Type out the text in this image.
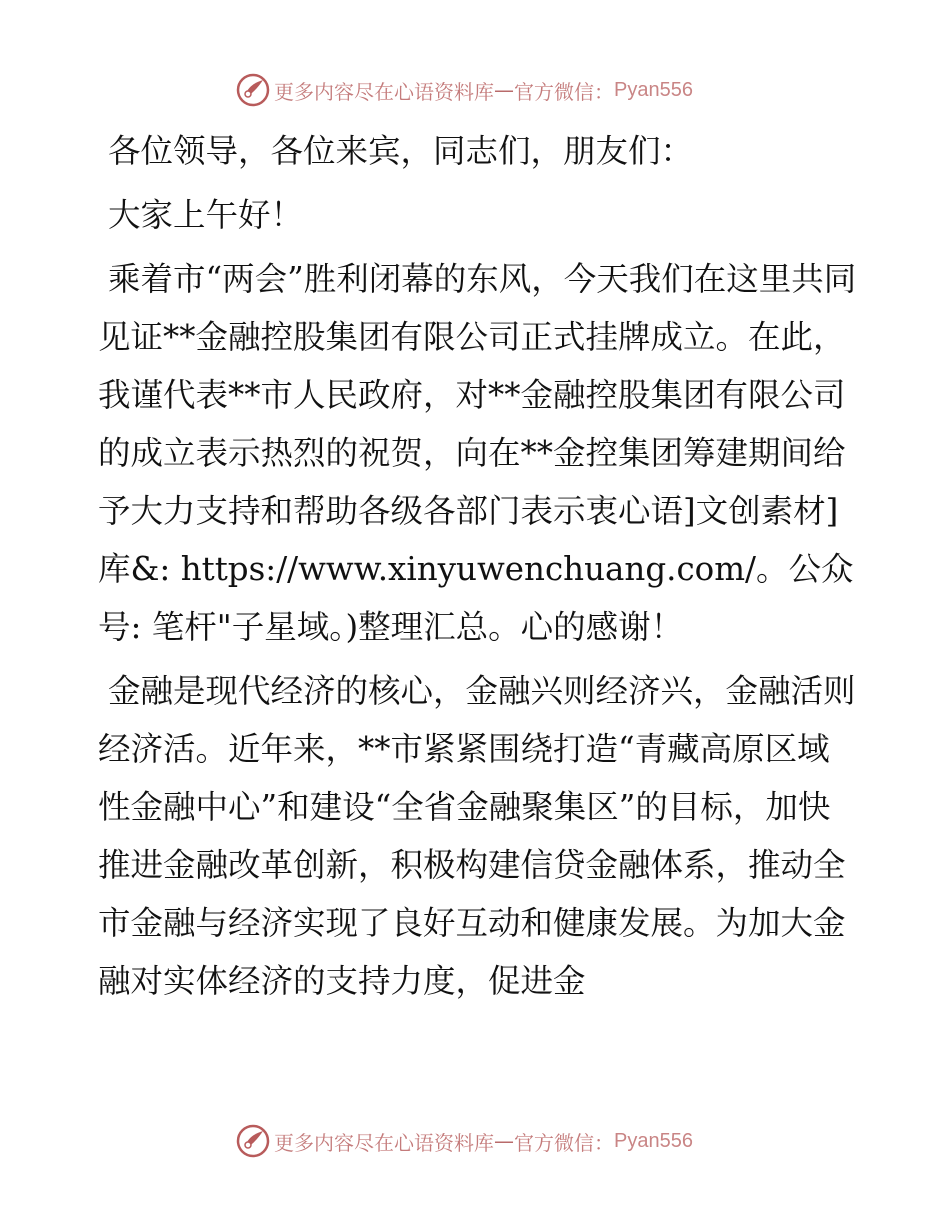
更多内容尽在心语资料库 — 官方微信： Pyan556

各位领导，各位来宾，同志们，朋友们：

大家上午好！

乘着市“两会”胜利闭幕的东风，今天我们在这里共同见证**金融控股集团有限公司正式挂牌成立。在此，我谨代表**市人民政府，对**金融控股集团有限公司的成立表示热烈的祝贺，向在**金控集团筹建期间给予大力支持和帮助各级各部门表示衷心语]文创素材]库&: https://www.xinyuwenchuang.com/。公众号: 笔杆"子星域。)整理汇总。心的感谢！

金融是现代经济的核心，金融兴则经济兴，金融活则经济活。近年来，**市紧紧围绕打造“青藏高原区域性金融中心”和建设“全省金融聚集区”的目标，加快推进金融改革创新，积极构建信贷金融体系，推动全市金融与经济实现了良好互动和健康发展。为加大金融对实体经济的支持力度，促进金

更多内容尽在心语资料库 — 官方微信： Pyan556
